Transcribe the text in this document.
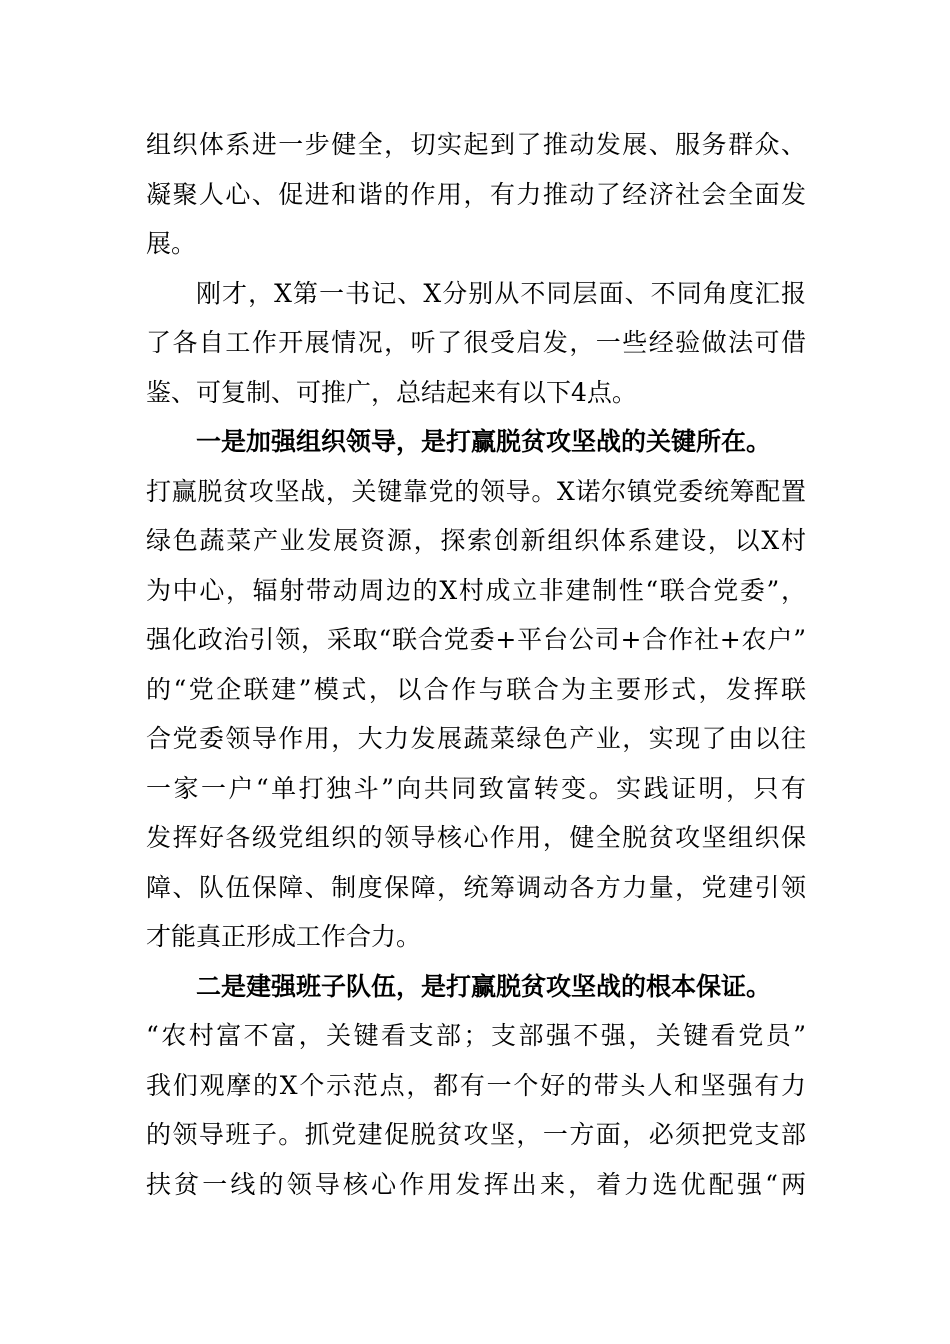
组织体系进一步健全，切实起到了推动发展、服务群众、
凝聚人心、促进和谐的作用，有力推动了经济社会全面发
展。
刚才，X第一书记、X分别从不同层面、不同角度汇报
了各自工作开展情况，听了很受启发，一些经验做法可借
鉴、可复制、可推广，总结起来有以下4点。
一是加强组织领导，是打赢脱贫攻坚战的关键所在。
打赢脱贫攻坚战，关键靠党的领导。X诺尔镇党委统筹配置
绿色蔬菜产业发展资源，探索创新组织体系建设，以X村
为中心，辐射带动周边的X村成立非建制性“联合党委”，
强化政治引领，采取“联合党委+平台公司+合作社+农户”
的“党企联建”模式，以合作与联合为主要形式，发挥联
合党委领导作用，大力发展蔬菜绿色产业，实现了由以往
一家一户“单打独斗”向共同致富转变。实践证明，只有
发挥好各级党组织的领导核心作用，健全脱贫攻坚组织保
障、队伍保障、制度保障，统筹调动各方力量，党建引领
才能真正形成工作合力。
二是建强班子队伍，是打赢脱贫攻坚战的根本保证。
“农村富不富，关键看支部；支部强不强，关键看党员”
我们观摩的X个示范点，都有一个好的带头人和坚强有力
的领导班子。抓党建促脱贫攻坚，一方面，必须把党支部
扶贫一线的领导核心作用发挥出来，着力选优配强“两
